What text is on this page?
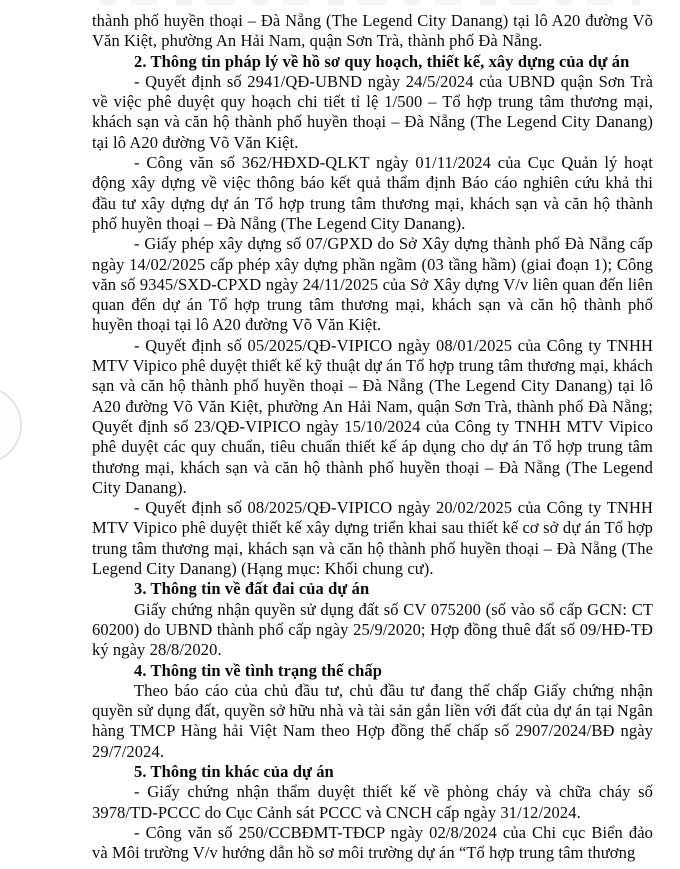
thành phố huyền thoại – Đà Nẵng (The Legend City Danang) tại lô A20 đường Võ Văn Kiệt, phường An Hải Nam, quận Sơn Trà, thành phố Đà Nẵng.

2. Thông tin pháp lý về hồ sơ quy hoạch, thiết kế, xây dựng của dự án

- Quyết định số 2941/QĐ-UBND ngày 24/5/2024 của UBND quận Sơn Trà về việc phê duyệt quy hoạch chi tiết tỉ lệ 1/500 – Tổ hợp trung tâm thương mại, khách sạn và căn hộ thành phố huyền thoại – Đà Nẵng (The Legend City Danang) tại lô A20 đường Võ Văn Kiệt.

- Công văn số 362/HĐXD-QLKT ngày 01/11/2024 của Cục Quản lý hoạt động xây dựng về việc thông báo kết quả thẩm định Báo cáo nghiên cứu khả thi đầu tư xây dựng dự án Tổ hợp trung tâm thương mại, khách sạn và căn hộ thành phố huyền thoại – Đà Nẵng (The Legend City Danang).

- Giấy phép xây dựng số 07/GPXD do Sở Xây dựng thành phố Đà Nẵng cấp ngày 14/02/2025 cấp phép xây dựng phần ngầm (03 tầng hầm) (giai đoạn 1); Công văn số 9345/SXD-CPXD ngày 24/11/2025 của Sở Xây dựng V/v liên quan đến liên quan đến dự án Tổ hợp trung tâm thương mại, khách sạn và căn hộ thành phố huyền thoại tại lô A20 đường Võ Văn Kiệt.

- Quyết định số 05/2025/QĐ-VIPICO ngày 08/01/2025 của Công ty TNHH MTV Vipico phê duyệt thiết kế kỹ thuật dự án Tổ hợp trung tâm thương mại, khách sạn và căn hộ thành phố huyền thoại – Đà Nẵng (The Legend City Danang) tại lô A20 đường Võ Văn Kiệt, phường An Hải Nam, quận Sơn Trà, thành phố Đà Nẵng; Quyết định số 23/QĐ-VIPICO ngày 15/10/2024 của Công ty TNHH MTV Vipico phê duyệt các quy chuẩn, tiêu chuẩn thiết kế áp dụng cho dự án Tổ hợp trung tâm thương mại, khách sạn và căn hộ thành phố huyền thoại – Đà Nẵng (The Legend City Danang).

- Quyết định số 08/2025/QĐ-VIPICO ngày 20/02/2025 của Công ty TNHH MTV Vipico phê duyệt thiết kế xây dựng triển khai sau thiết kế cơ sở dự án Tổ hợp trung tâm thương mại, khách sạn và căn hộ thành phố huyền thoại – Đà Nẵng (The Legend City Danang) (Hạng mục: Khối chung cư).

3. Thông tin về đất đai của dự án

Giấy chứng nhận quyền sử dụng đất số CV 075200 (số vào sổ cấp GCN: CT 60200) do UBND thành phố cấp ngày 25/9/2020; Hợp đồng thuê đất số 09/HĐ-TĐ ký ngày 28/8/2020.

4. Thông tin về tình trạng thế chấp

Theo báo cáo của chủ đầu tư, chủ đầu tư đang thế chấp Giấy chứng nhận quyền sử dụng đất, quyền sở hữu nhà và tài sản gắn liền với đất của dự án tại Ngân hàng TMCP Hàng hải Việt Nam theo Hợp đồng thế chấp số 2907/2024/BĐ ngày 29/7/2024.

5. Thông tin khác của dự án

- Giấy chứng nhận thẩm duyệt thiết kế về phòng cháy và chữa cháy số 3978/TD-PCCC do Cục Cảnh sát PCCC và CNCH cấp ngày 31/12/2024.

- Công văn số 250/CCBĐMT-TĐCP ngày 02/8/2024 của Chi cục Biển đảo và Môi trường V/v hướng dẫn hồ sơ môi trường dự án “Tổ hợp trung tâm thương
